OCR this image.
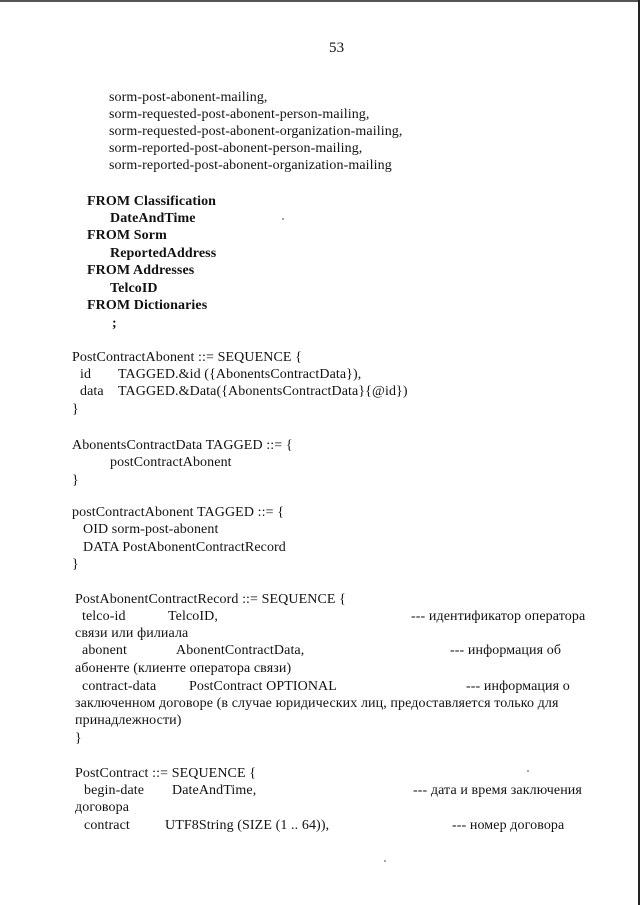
53
sorm-post-abonent-mailing,
sorm-requested-post-abonent-person-mailing,
sorm-requested-post-abonent-organization-mailing,
sorm-reported-post-abonent-person-mailing,
sorm-reported-post-abonent-organization-mailing
FROM Classification
DateAndTime
FROM Sorm
ReportedAddress
FROM Addresses
TelcoID
FROM Dictionaries
;
PostContractAbonent ::= SEQUENCE {
id TAGGED.&id ({AbonentsContractData}),
data TAGGED.&Data({AbonentsContractData}{@id})
}
AbonentsContractData TAGGED ::= {
postContractAbonent
}
postContractAbonent TAGGED ::= {
OID sorm-post-abonent
DATA PostAbonentContractRecord
}
PostAbonentContractRecord ::= SEQUENCE {
telco-id	TelcoID,	--- идентификатор оператора
связи или филиала
abonent	AbonentContractData,	--- информация об
абоненте (клиенте оператора связи)
contract-data PostContract OPTIONAL	--- информация о
заключенном договоре (в случае юридических лиц, предоставляется только для
принадлежности)
}
PostContract ::= SEQUENCE {
begin-date DateAndTime,	--- дата и время заключения
договора
contract	UTF8String (SIZE (1 .. 64)),	--- номер договора
